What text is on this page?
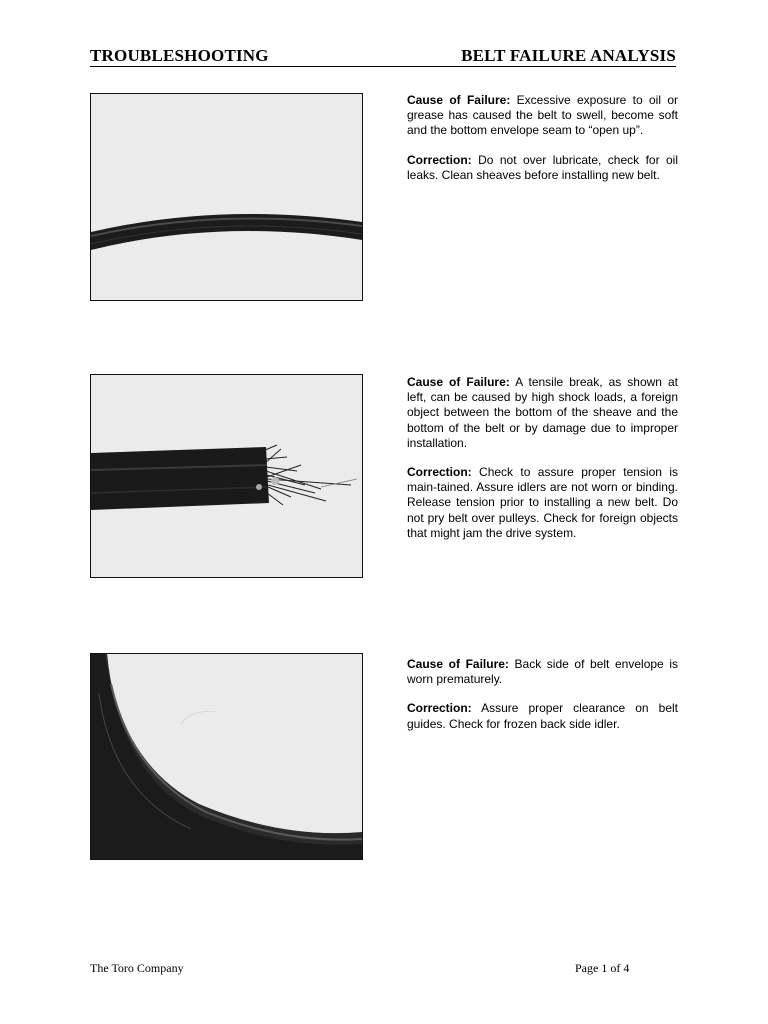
TROUBLESHOOTING	BELT FAILURE ANALYSIS

Cause of Failure: Excessive exposure to oil or grease has caused the belt to swell, become soft and the bottom envelope seam to “open up”.

Correction: Do not over lubricate, check for oil leaks. Clean sheaves before installing new belt.

Cause of Failure: A tensile break, as shown at left, can be caused by high shock loads, a foreign object between the bottom of the sheave and the bottom of the belt or by damage due to improper installation.

Correction: Check to assure proper tension is main-tained. Assure idlers are not worn or binding. Release tension prior to installing a new belt. Do not pry belt over pulleys. Check for foreign objects that might jam the drive system.

Cause of Failure: Back side of belt envelope is worn prematurely.

Correction: Assure proper clearance on belt guides. Check for frozen back side idler.

The Toro Company	Page 1 of 4
